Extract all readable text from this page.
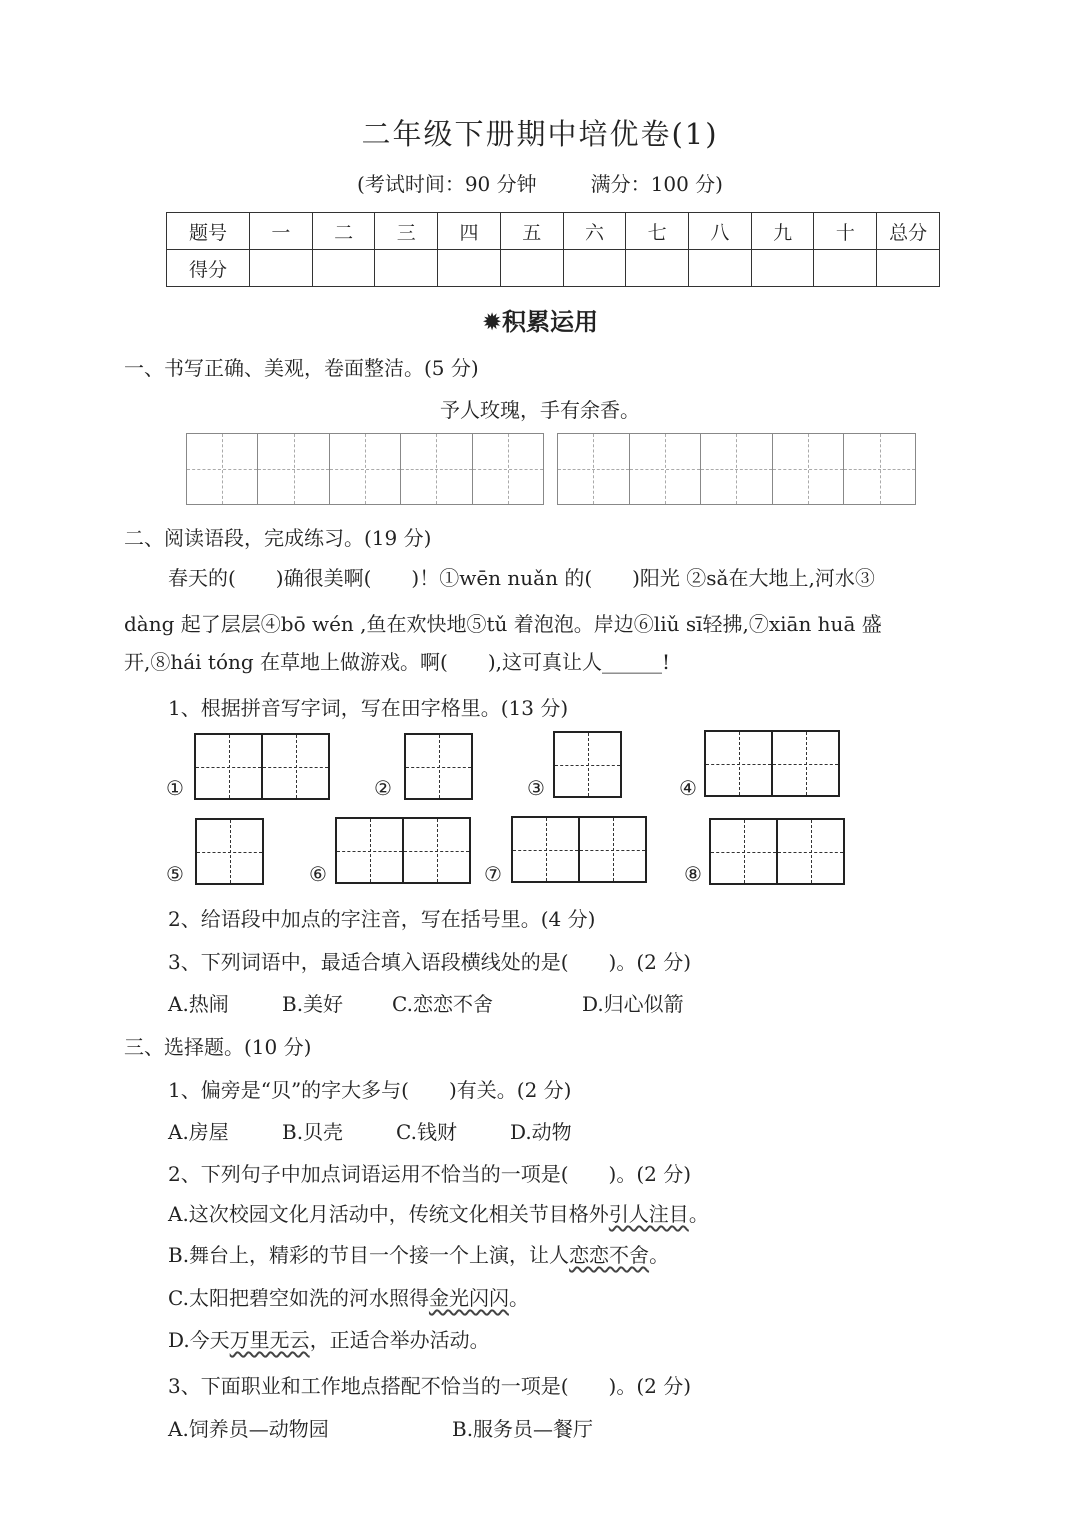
二年级下册期中培优卷(1)
(考试时间：90 分钟	满分：100 分)
题号	一	二	三	四	五	六	七	八	九	十	总分
得分											
✹积累运用
一、书写正确、美观，卷面整洁。(5 分)
予人玫瑰，手有余香。
二、阅读语段，完成练习。(19 分)
春天的(　　)确很美啊(　　)！①wēn nuǎn 的(　　)阳光 ②sǎ在大地上,河水③
dàng 起了层层④bō wén ,鱼在欢快地⑤tǔ 着泡泡。岸边⑥liǔ sī轻拂,⑦xiān huā 盛
开,⑧hái tóng 在草地上做游戏。啊(　　),这可真让人______!
1、根据拼音写字词，写在田字格里。(13 分)
①	②	③	④
⑤	⑥	⑦	⑧
2、给语段中加点的字注音，写在括号里。(4 分)
3、下列词语中，最适合填入语段横线处的是(　　)。(2 分)
A.热闹	B.美好 C.恋恋不舍	D.归心似箭
三、选择题。(10 分)
1、偏旁是“贝”的字大多与(　　)有关。(2 分)
A.房屋	B.贝壳	C.钱财	D.动物
2、下列句子中加点词语运用不恰当的一项是(　　)。(2 分)
A.这次校园文化月活动中，传统文化相关节目格外引人注目。
B.舞台上，精彩的节目一个接一个上演，让人恋恋不舍。
C.太阳把碧空如洗的河水照得金光闪闪。
D.今天万里无云，正适合举办活动。
3、下面职业和工作地点搭配不恰当的一项是(　　)。(2 分)
A.饲养员—动物园	B.服务员—餐厅
